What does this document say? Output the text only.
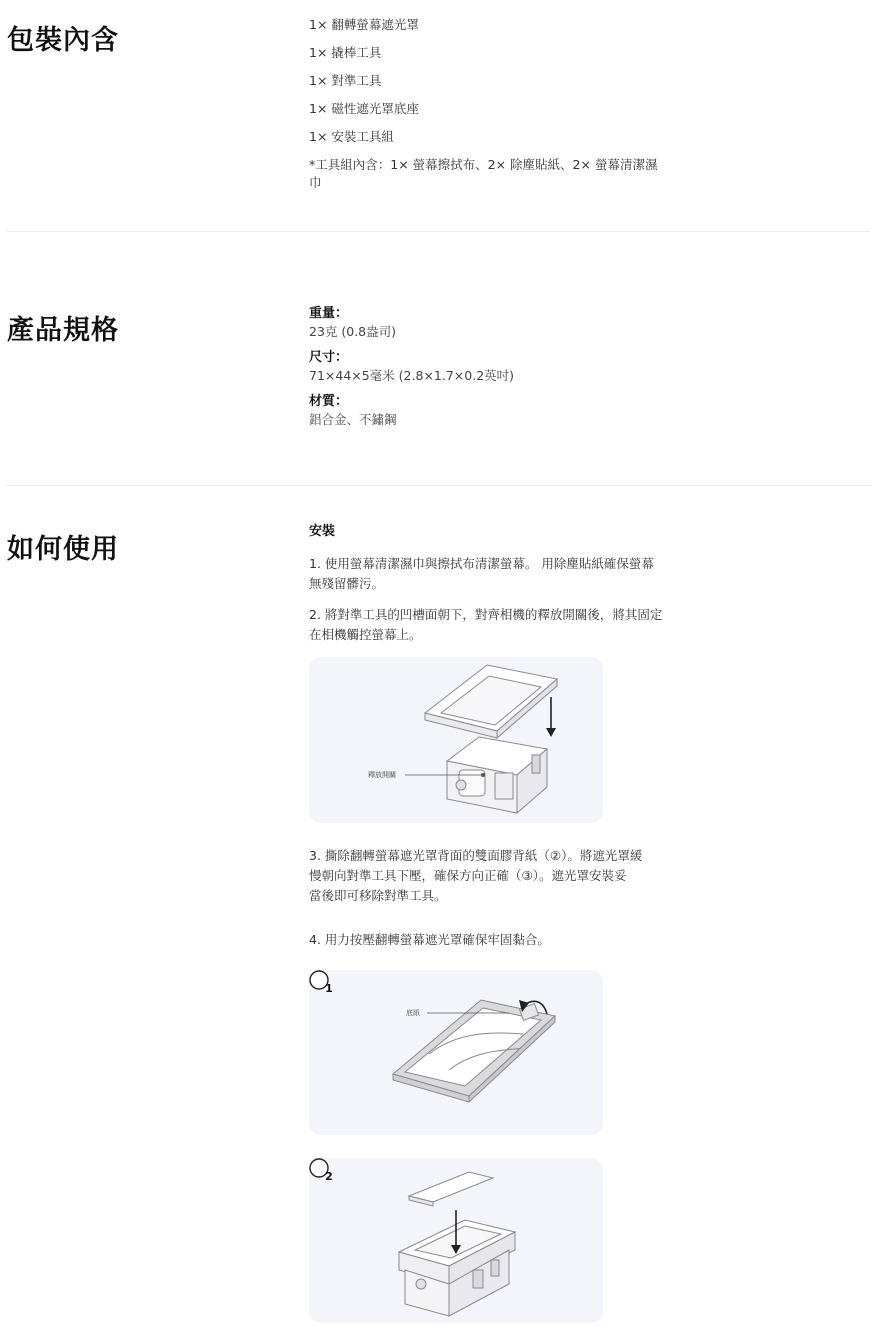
包裝內含

1× 翻轉螢幕遮光罩

1× 撬棒工具

1× 對準工具

1× 磁性遮光罩底座

1× 安裝工具組

*工具組內含：1× 螢幕擦拭布、2× 除塵貼紙、2× 螢幕清潔濕

巾

產品規格

重量：

23克 (0.8盎司)

尺寸：

71×44×5毫米 (2.8×1.7×0.2英吋)

材質：

鋁合金、不鏽鋼

如何使用

安裝

1. 使用螢幕清潔濕巾與擦拭布清潔螢幕。 用除塵貼紙確保螢幕
無殘留髒污。
2. 將對準工具的凹槽面朝下，對齊相機的釋放開關後，將其固定
在相機觸控螢幕上。
釋放開關
3. 撕除翻轉螢幕遮光罩背面的雙面膠背紙（②）。將遮光罩緩
慢朝向對準工具下壓，確保方向正確（③）。遮光罩安裝妥
當後即可移除對準工具。
4. 用力按壓翻轉螢幕遮光罩確保牢固黏合。
1
底紙
2
